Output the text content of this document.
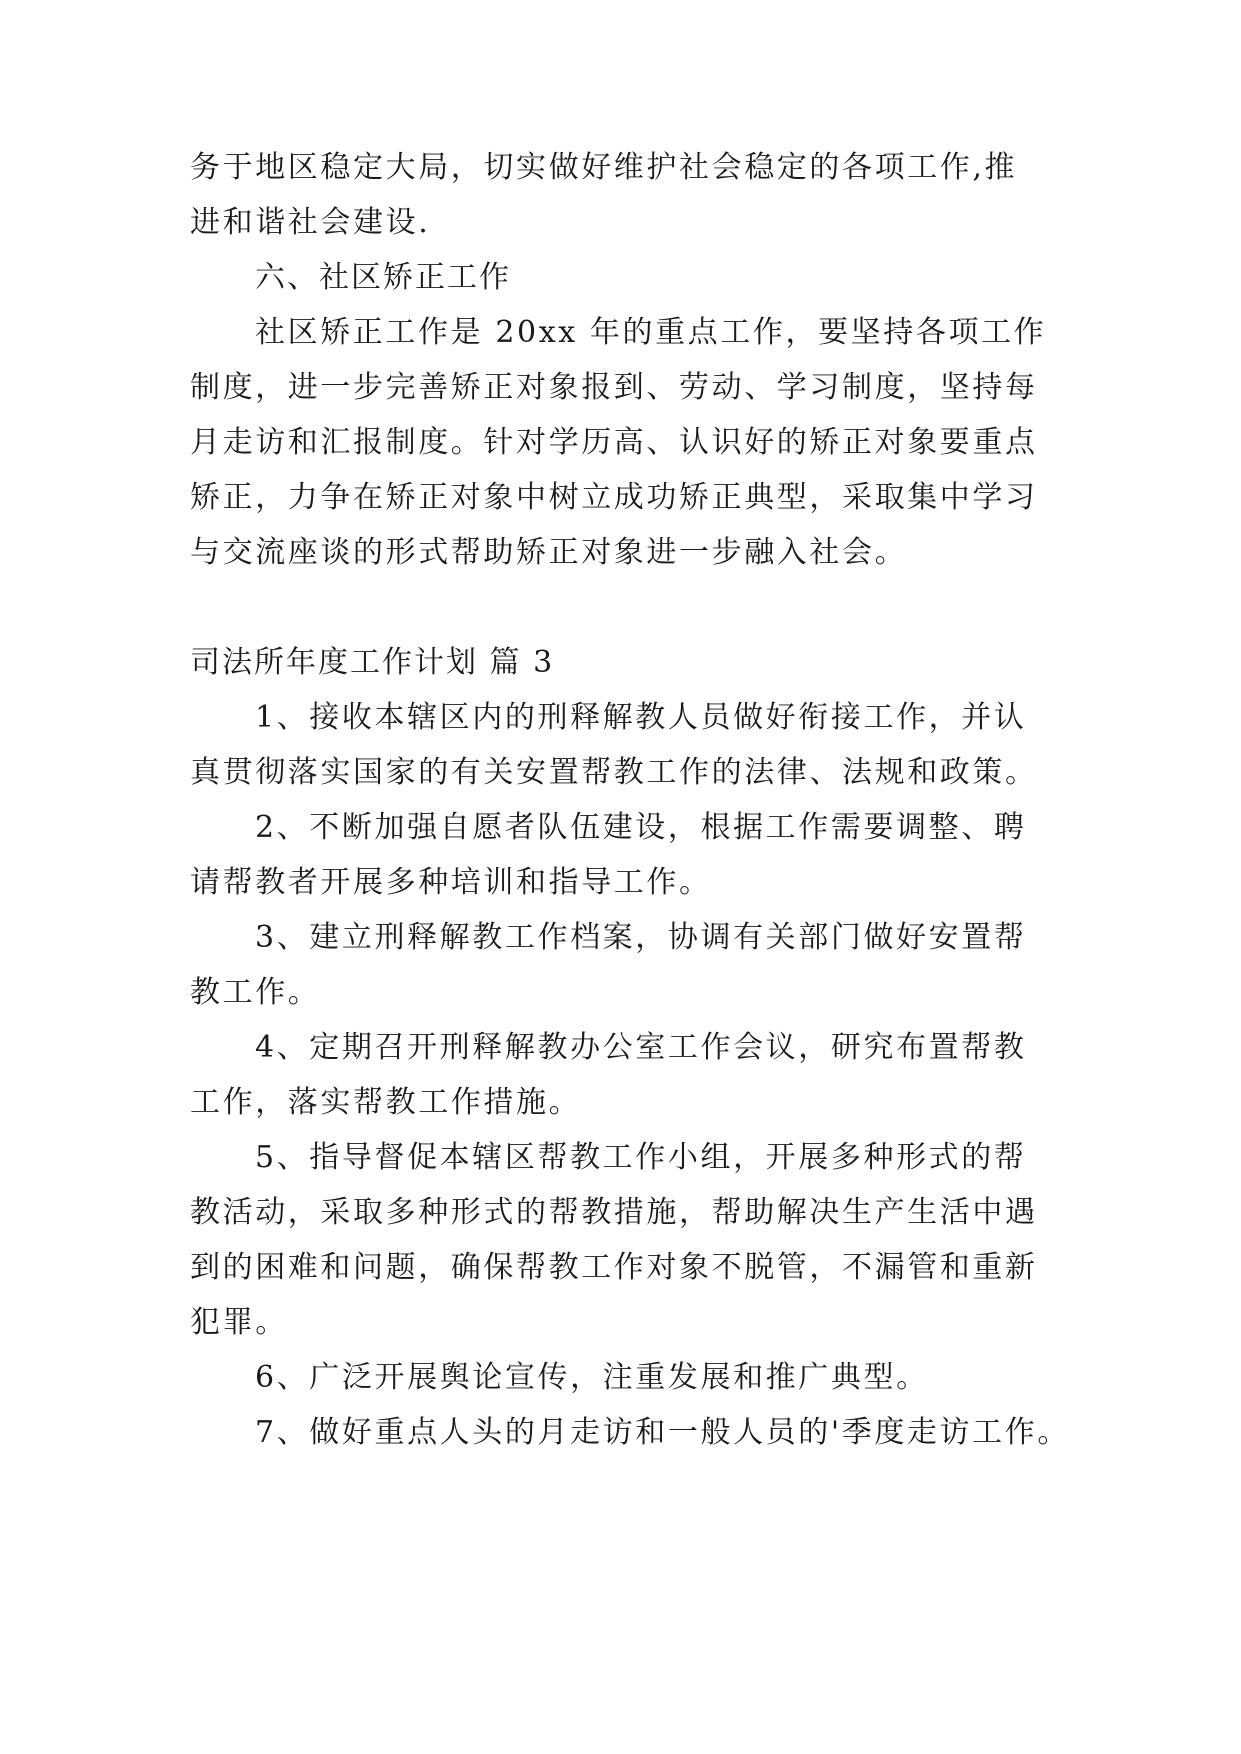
务于地区稳定大局，切实做好维护社会稳定的各项工作,推
进和谐社会建设.
六、社区矫正工作
社区矫正工作是 20xx 年的重点工作，要坚持各项工作
制度，进一步完善矫正对象报到、劳动、学习制度，坚持每
月走访和汇报制度。针对学历高、认识好的矫正对象要重点
矫正，力争在矫正对象中树立成功矫正典型，采取集中学习
与交流座谈的形式帮助矫正对象进一步融入社会。
司法所年度工作计划 篇 3
1、接收本辖区内的刑释解教人员做好衔接工作，并认
真贯彻落实国家的有关安置帮教工作的法律、法规和政策。
2、不断加强自愿者队伍建设，根据工作需要调整、聘
请帮教者开展多种培训和指导工作。
3、建立刑释解教工作档案，协调有关部门做好安置帮
教工作。
4、定期召开刑释解教办公室工作会议，研究布置帮教
工作，落实帮教工作措施。
5、指导督促本辖区帮教工作小组，开展多种形式的帮
教活动，采取多种形式的帮教措施，帮助解决生产生活中遇
到的困难和问题，确保帮教工作对象不脱管，不漏管和重新
犯罪。
6、广泛开展舆论宣传，注重发展和推广典型。
7、做好重点人头的月走访和一般人员的'季度走访工作。
